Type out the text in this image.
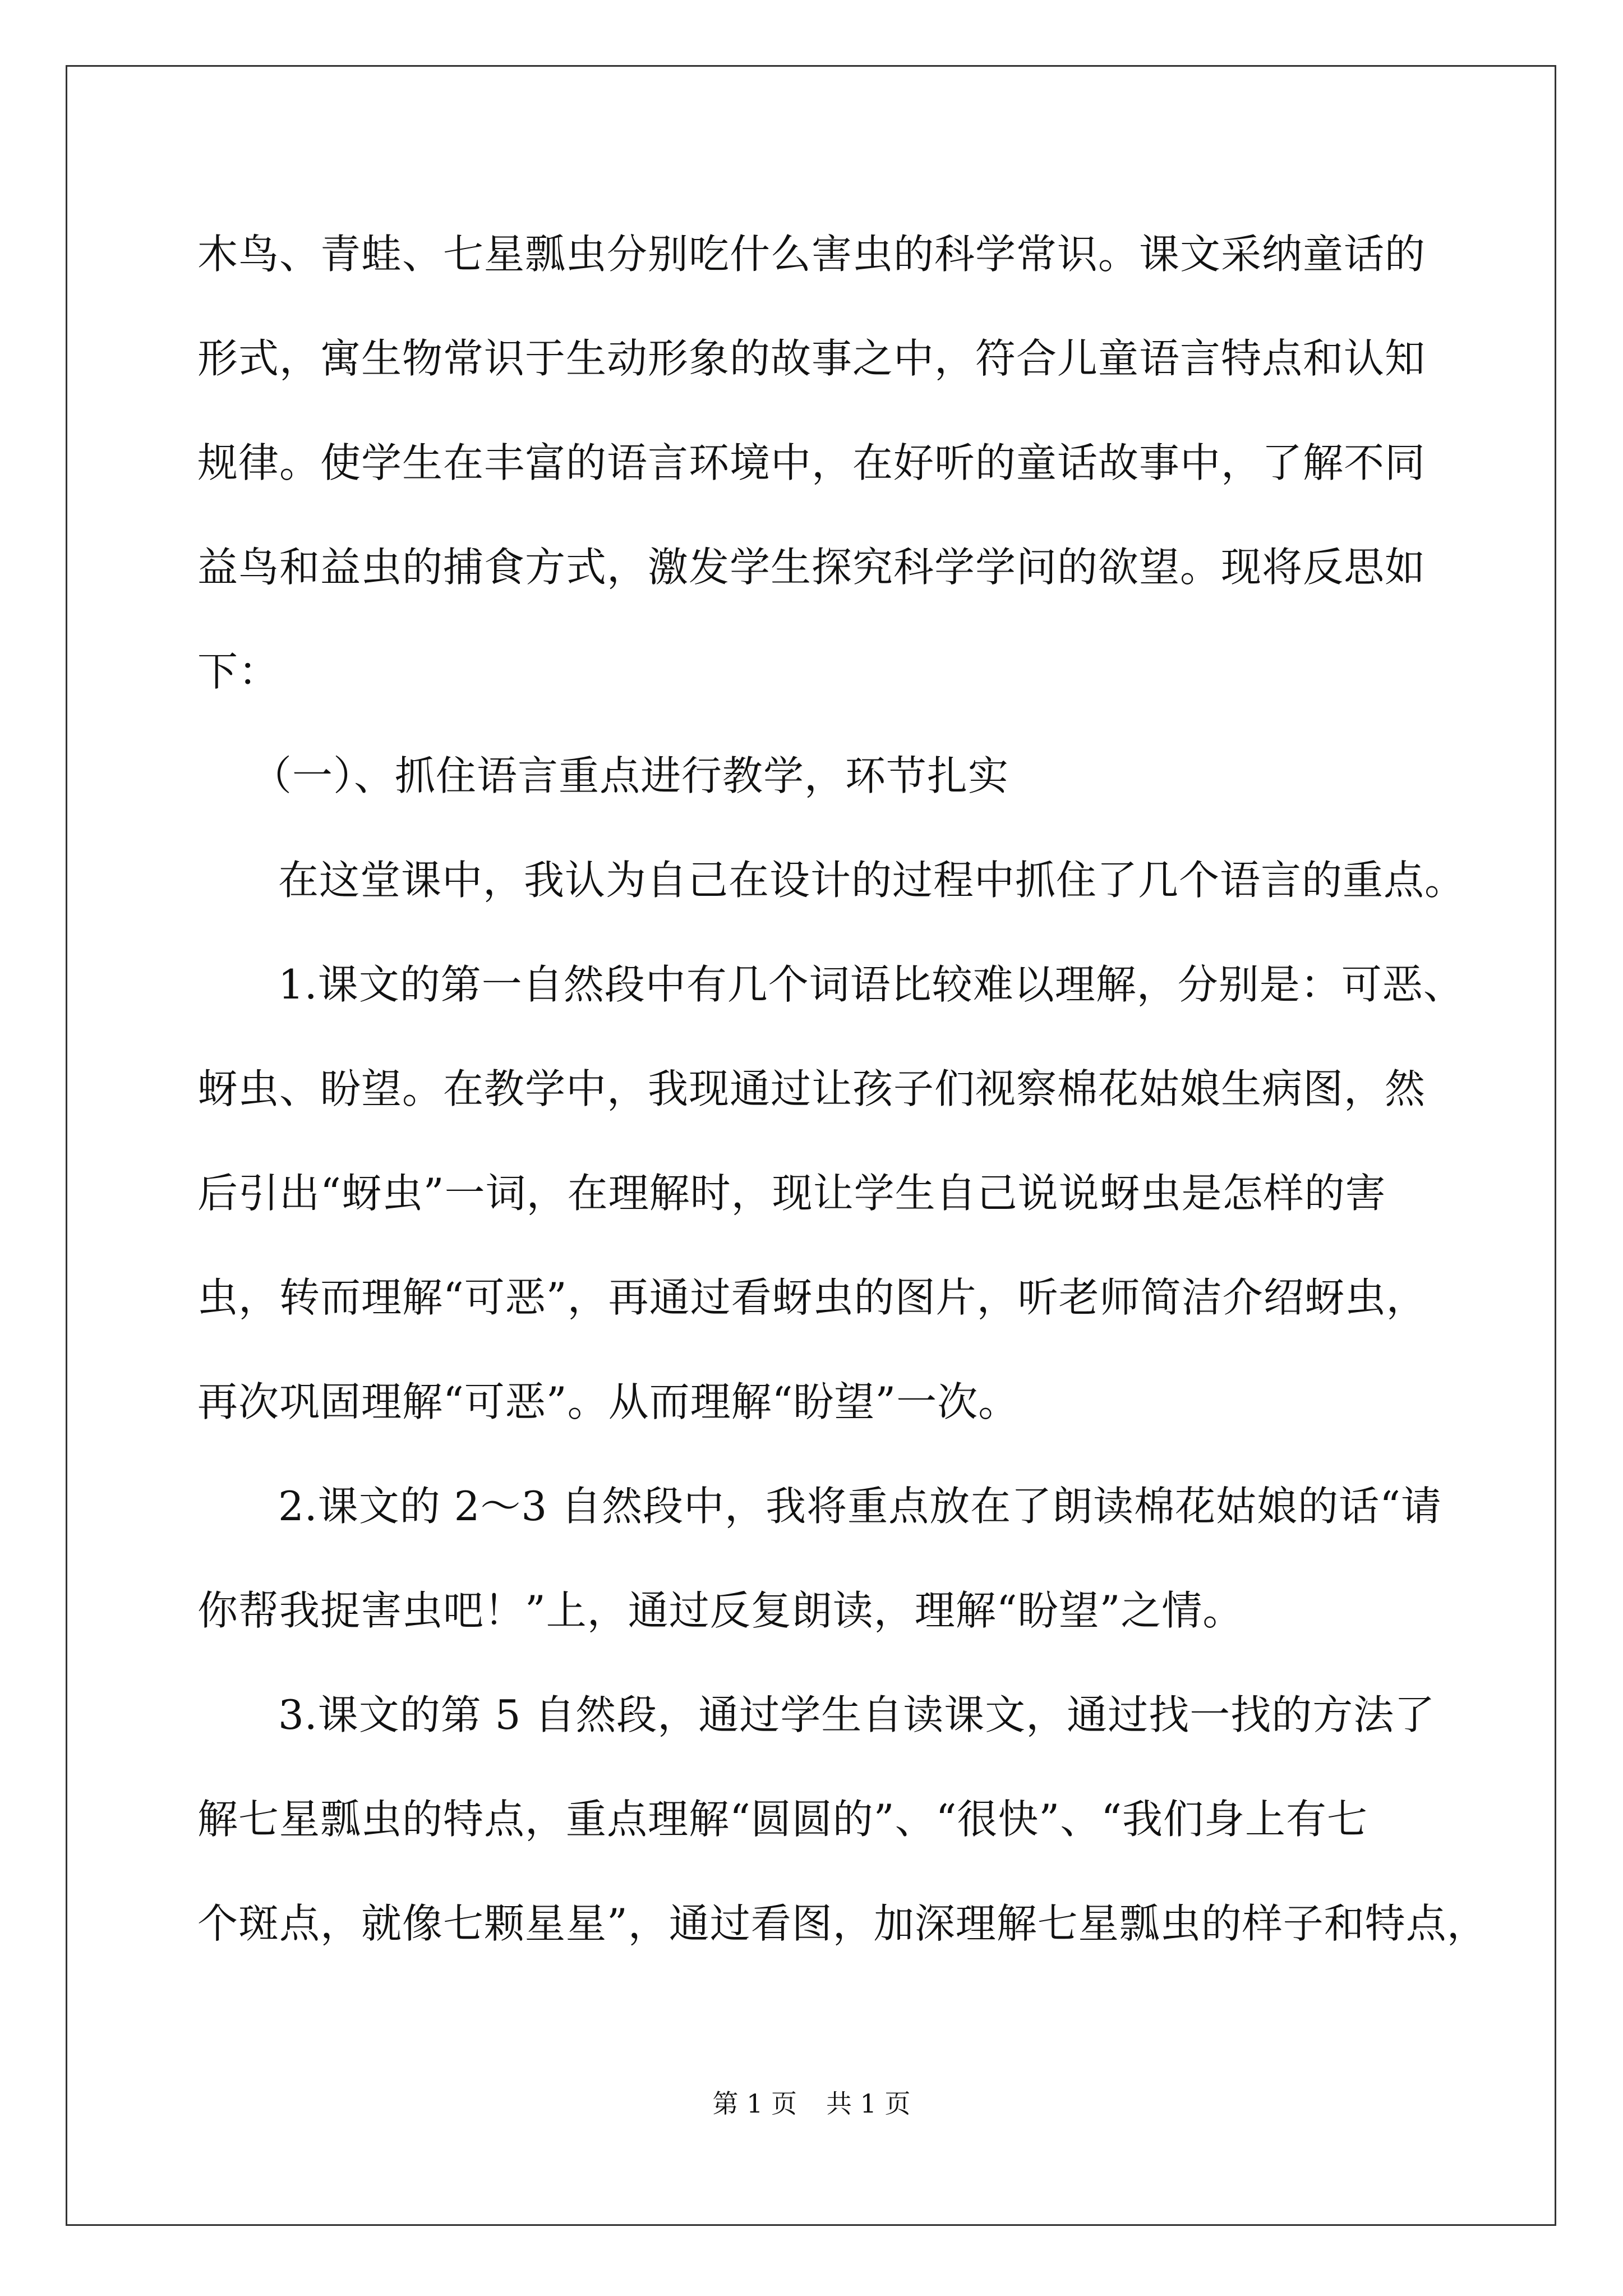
木鸟、青蛙、七星瓢虫分别吃什么害虫的科学常识。课文采纳童话的
形式，寓生物常识于生动形象的故事之中，符合儿童语言特点和认知
规律。使学生在丰富的语言环境中，在好听的童话故事中，了解不同
益鸟和益虫的捕食方式，激发学生探究科学学问的欲望。现将反思如
下：
（一）、抓住语言重点进行教学，环节扎实
在这堂课中，我认为自己在设计的过程中抓住了几个语言的重点。
1.课文的第一自然段中有几个词语比较难以理解，分别是：可恶、
蚜虫、盼望。在教学中，我现通过让孩子们视察棉花姑娘生病图，然
后引出“蚜虫”一词，在理解时，现让学生自己说说蚜虫是怎样的害
虫，转而理解“可恶”，再通过看蚜虫的图片，听老师简洁介绍蚜虫，
再次巩固理解“可恶”。从而理解“盼望”一次。
2.课文的 2～3 自然段中，我将重点放在了朗读棉花姑娘的话“请
你帮我捉害虫吧！”上，通过反复朗读，理解“盼望”之情。
3.课文的第 5 自然段，通过学生自读课文，通过找一找的方法了
解七星瓢虫的特点，重点理解“圆圆的”、“很快”、“我们身上有七
个斑点，就像七颗星星”，通过看图，加深理解七星瓢虫的样子和特点，
第 1 页 共 1 页
